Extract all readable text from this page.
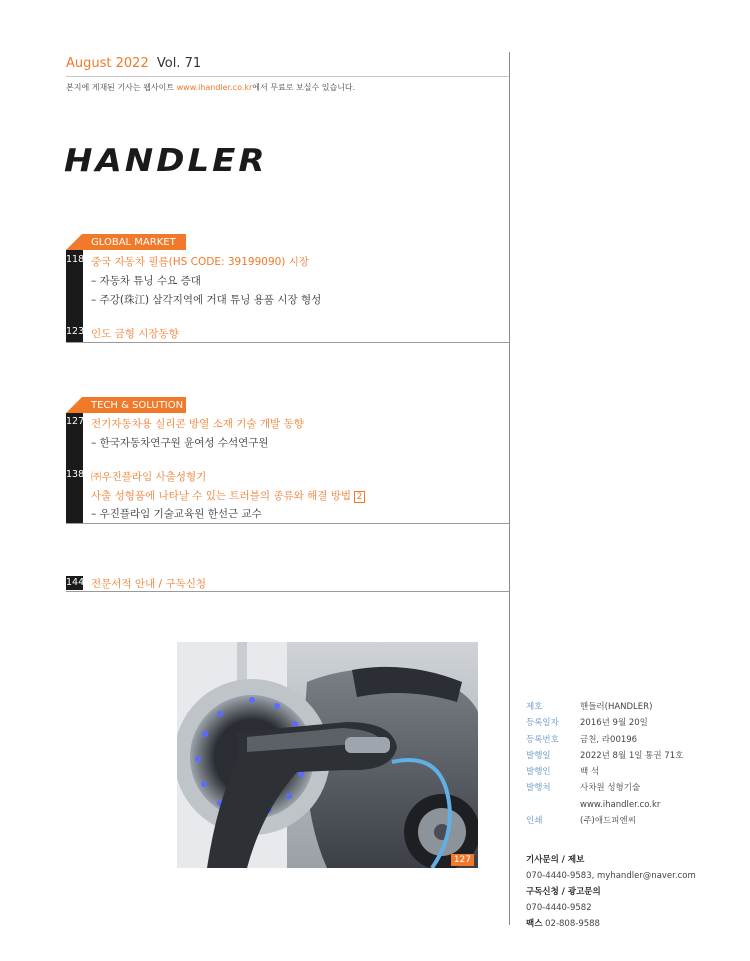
August 2022 Vol. 71
본지에 게재된 기사는 웹사이트 www.ihandler.co.kr에서 무료로 보실수 있습니다.
HANDLER
GLOBAL MARKET
118 중국 자동차 필름(HS CODE: 39199090) 시장
– 자동차 튜닝 수요 증대
– 주강(珠江) 삼각지역에 거대 튜닝 용품 시장 형성
123 인도 금형 시장동향
TECH & SOLUTION
127 전기자동차용 실리콘 방열 소재 기술 개발 동향
– 한국자동차연구원 윤여성 수석연구원
138 ㈜우진플라임 사출성형기
사출 성형품에 나타날 수 있는 트러블의 종류와 해결 방법 2
– 우진플라임 기술교육원 한선근 교수
144 전문서적 안내 / 구독신청
127
제호	핸들러(HANDLER)
등록일자	2016년 9월 20일
등록번호	금천, 라00196
발행일	2022년 8월 1일 통권 71호
발행인	백 석
발행처	사차원 성형기술
www.ihandler.co.kr
인쇄	(주)애드피엔씨
기사문의 / 제보
070-4440-9583, myhandler@naver.com
구독신청 / 광고문의
070-4440-9582
팩스 02-808-9588
